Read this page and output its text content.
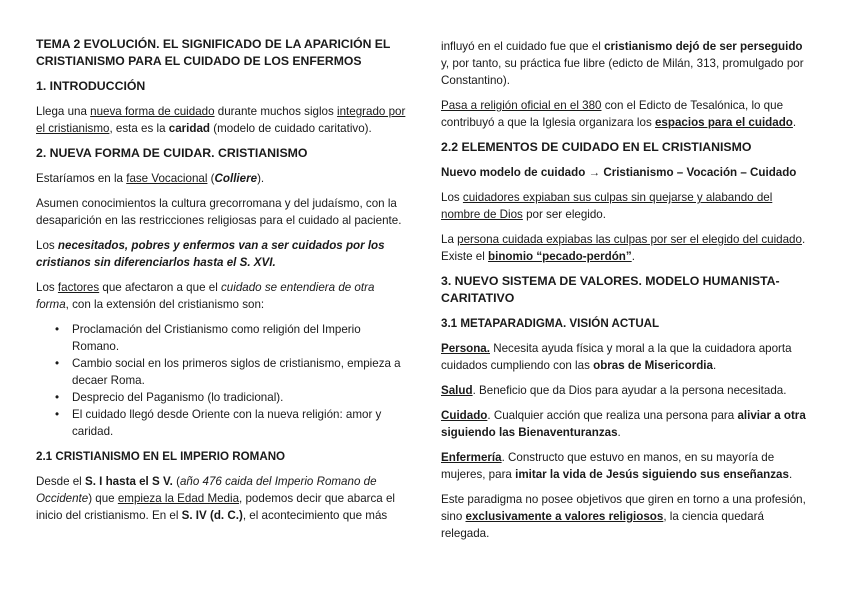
TEMA 2 EVOLUCIÓN. EL SIGNIFICADO DE LA APARICIÓN EL CRISTIANISMO PARA EL CUIDADO DE LOS ENFERMOS
1. INTRODUCCIÓN

Llega una nueva forma de cuidado durante muchos siglos integrado por el cristianismo, esta es la caridad (modelo de cuidado caritativo).

2. NUEVA FORMA DE CUIDAR. CRISTIANISMO

Estaríamos en la fase Vocacional (Colliere).

Asumen conocimientos la cultura grecorromana y del judaísmo, con la desaparición en las restricciones religiosas para el cuidado al paciente.

Los necesitados, pobres y enfermos van a ser cuidados por los cristianos sin diferenciarlos hasta el S. XVI.

Los factores que afectaron a que el cuidado se entendiera de otra forma, con la extensión del cristianismo son:

• Proclamación del Cristianismo como religión del Imperio Romano.
• Cambio social en los primeros siglos de cristianismo, empieza a decaer Roma.
• Desprecio del Paganismo (lo tradicional).
• El cuidado llegó desde Oriente con la nueva religión: amor y caridad.
2.1 CRISTIANISMO EN EL IMPERIO ROMANO

Desde el S. I hasta el S V. (año 476 caida del Imperio Romano de Occidente) que empieza la Edad Media, podemos decir que abarca el inicio del cristianismo. En el S. IV (d. C.), el acontecimiento que más

influyó en el cuidado fue que el cristianismo dejó de ser perseguido y, por tanto, su práctica fue libre (edicto de Milán, 313, promulgado por Constantino).

Pasa a religión oficial en el 380 con el Edicto de Tesalónica, lo que contribuyó a que la Iglesia organizara los espacios para el cuidado.

2.2 ELEMENTOS DE CUIDADO EN EL CRISTIANISMO

Nuevo modelo de cuidado → Cristianismo – Vocación – Cuidado

Los cuidadores expiaban sus culpas sin quejarse y alabando del nombre de Dios por ser elegido.

La persona cuidada expiabas las culpas por ser el elegido del cuidado. Existe el binomio “pecado-perdón”.

3. NUEVO SISTEMA DE VALORES. MODELO HUMANISTA-CARITATIVO
3.1 METAPARADIGMA. VISIÓN ACTUAL

Persona. Necesita ayuda física y moral a la que la cuidadora aporta cuidados cumpliendo con las obras de Misericordia.

Salud. Beneficio que da Dios para ayudar a la persona necesitada.

Cuidado. Cualquier acción que realiza una persona para aliviar a otra siguiendo las Bienaventuranzas.

Enfermería. Constructo que estuvo en manos, en su mayoría de mujeres, para imitar la vida de Jesús siguiendo sus enseñanzas.

Este paradigma no posee objetivos que giren en torno a una profesión, sino exclusivamente a valores religiosos, la ciencia quedará relegada.
